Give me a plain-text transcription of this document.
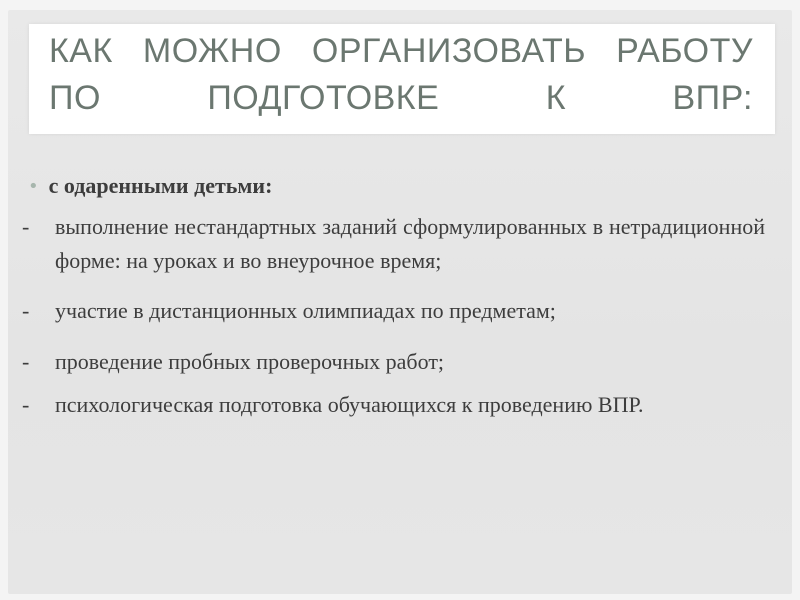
КАК МОЖНО ОРГАНИЗОВАТЬ РАБОТУ
ПО ПОДГОТОВКЕ К ВПР:
• с одаренными детьми:
- выполнение нестандартных заданий сформулированных в нетрадиционной форме: на уроках и во внеурочное время;
- участие в дистанционных олимпиадах по предметам;
- проведение пробных проверочных работ;
- психологическая подготовка обучающихся к проведению ВПР.
